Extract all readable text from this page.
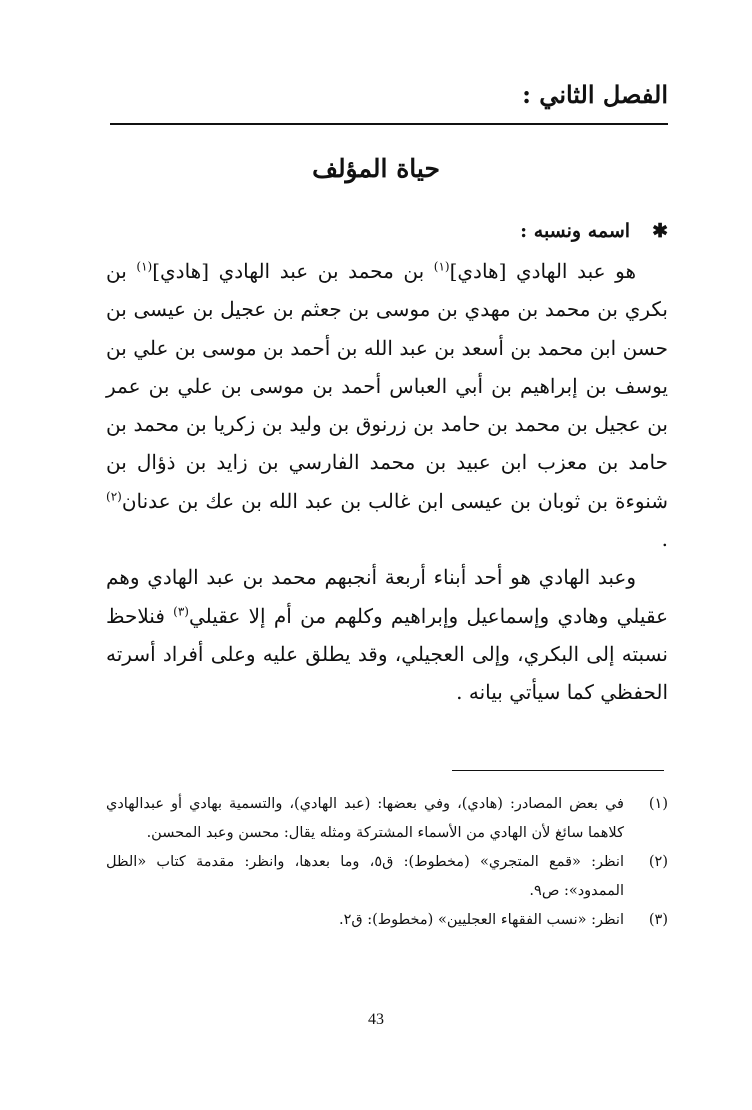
الفصل الثاني :
حياة المؤلف
✱اسمه ونسبه :

هو عبد الهادي [هادي]$^{(١)}$ بن محمد بن عبد الهادي [هادي]$^{(١)}$ بن بكري بن محمد بن مهدي بن موسى بن جعثم بن عجيل بن عيسى بن حسن ابن محمد بن أسعد بن عبد الله بن أحمد بن موسى بن علي بن يوسف بن إبراهيم بن أبي العباس أحمد بن موسى بن علي بن عمر بن عجيل بن محمد بن حامد بن زرنوق بن وليد بن زكريا بن محمد بن حامد بن معزب ابن عبيد بن محمد الفارسي بن زايد بن ذؤال بن شنوءة بن ثوبان بن عيسى ابن غالب بن عبد الله بن عك بن عدنان$^{(٢)}$ .

وعبد الهادي هو أحد أبناء أربعة أنجبهم محمد بن عبد الهادي وهم عقيلي وهادي وإسماعيل وإبراهيم وكلهم من أم إلا عقيلي$^{(٣)}$ فنلاحظ نسبته إلى البكري، وإلى العجيلي، وقد يطلق عليه وعلى أفراد أسرته الحفظي كما سيأتي بيانه .

(١)
في بعض المصادر: (هادي)، وفي بعضها: (عبد الهادي)، والتسمية بهادي أو عبدالهادي كلاهما سائغ لأن الهادي من الأسماء المشتركة ومثله يقال: محسن وعبد المحسن.
(٢)
انظر: «قمع المتجري» (مخطوط): ق٥، وما بعدها، وانظر: مقدمة كتاب «الظل الممدود»: ص٩.
(٣)
انظر: «نسب الفقهاء العجليين» (مخطوط): ق٢.
43
